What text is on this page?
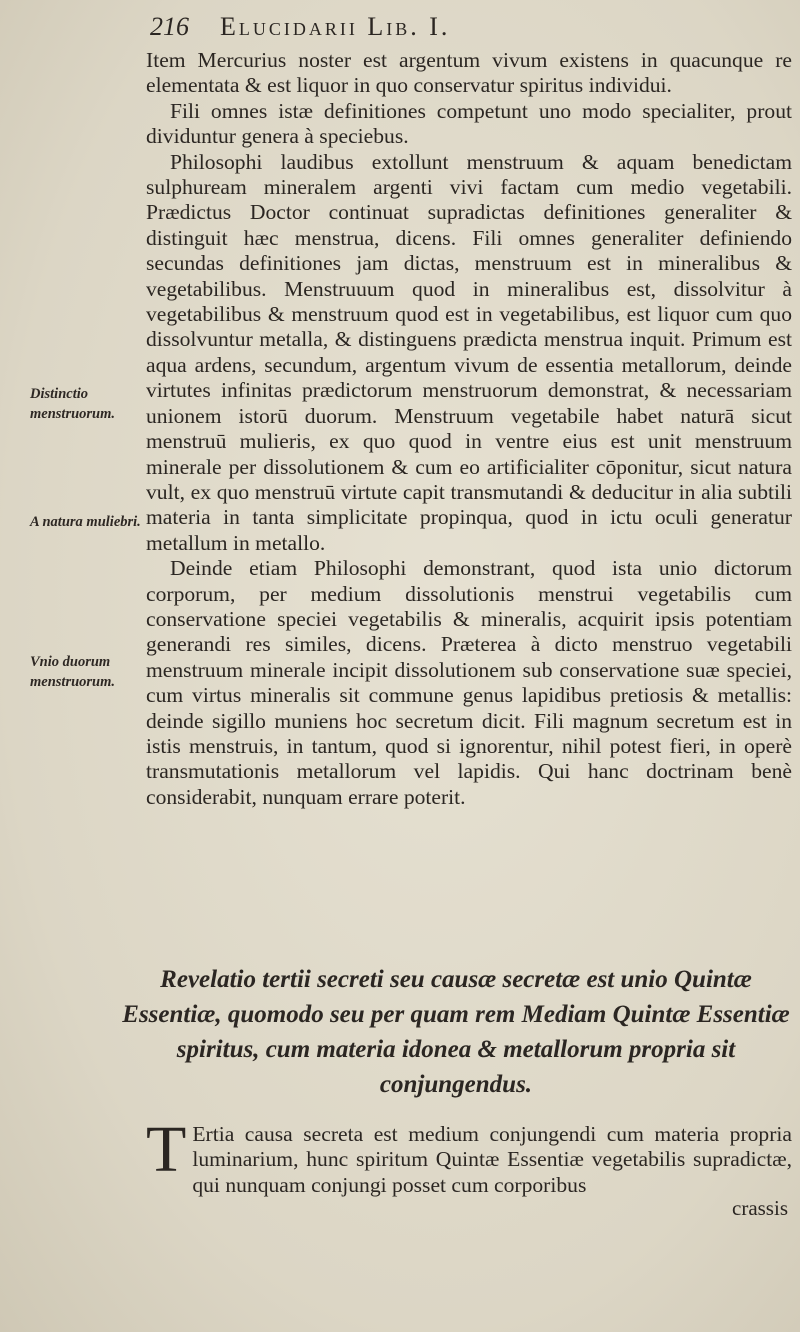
216 Elucidarii Lib. I.

Item Mercurius noster est argentum vivum existens in quacunque re elementata & est liquor in quo conservatur spiritus individui.

Fili omnes istæ definitiones competunt uno modo specialiter, prout dividuntur genera à speciebus.

Philosophi laudibus extollunt menstruum & aquam benedictam sulphuream mineralem argenti vivi factam cum medio vegetabili. Prædictus Doctor continuat supradictas definitiones generaliter & distinguit hæc menstrua, dicens. Fili omnes generaliter definiendo secundas definitiones jam dictas, menstruum est in mineralibus & vegetabilibus. Menstruuum quod in mineralibus est, dissolvitur à vegetabilibus & menstruum quod est in vegetabilibus, est liquor cum quo dissolvuntur metalla, & distinguens prædicta menstrua inquit. Primum est aqua ardens, secundum, argentum vivum de essentia metallorum, deinde virtutes infinitas prædictorum menstruorum demonstrat, & necessariam unionem istorū duorum. Menstruum vegetabile habet naturā sicut menstruū mulieris, ex quo quod in ventre eius est unit menstruum minerale per dissolutionem & cum eo artificialiter cōponitur, sicut natura vult, ex quo menstruū virtute capit transmutandi & deducitur in alia subtili materia in tanta simplicitate propinqua, quod in ictu oculi generatur metallum in metallo.

Deinde etiam Philosophi demonstrant, quod ista unio dictorum corporum, per medium dissolutionis menstrui vegetabilis cum conservatione speciei vegetabilis & mineralis, acquirit ipsis potentiam generandi res similes, dicens. Præterea à dicto menstruo vegetabili menstruum minerale incipit dissolutionem sub conservatione suæ speciei, cum virtus mineralis sit commune genus lapidibus pretiosis & metallis: deinde sigillo muniens hoc secretum dicit. Fili magnum secretum est in istis menstruis, in tantum, quod si ignorentur, nihil potest fieri, in operè transmutationis metallorum vel lapidis. Qui hanc doctrinam benè considerabit, nunquam errare poterit.

Distinctio menstruorum.
A natura muliebri.
Vnio duorum menstruorum.
Revelatio tertii secreti seu causæ secretæ est unio Quintæ Essentiæ, quomodo seu per quam rem Mediam Quintæ Essentiæ spiritus, cum materia idonea & metallorum propria sit conjungendus.
T Ertia causa secreta est medium conjungendi cum materia propria luminarium, hunc spiritum Quintæ Essentiæ vegetabilis supradictæ, qui nunquam conjungi posset cum corporibus

crassis
